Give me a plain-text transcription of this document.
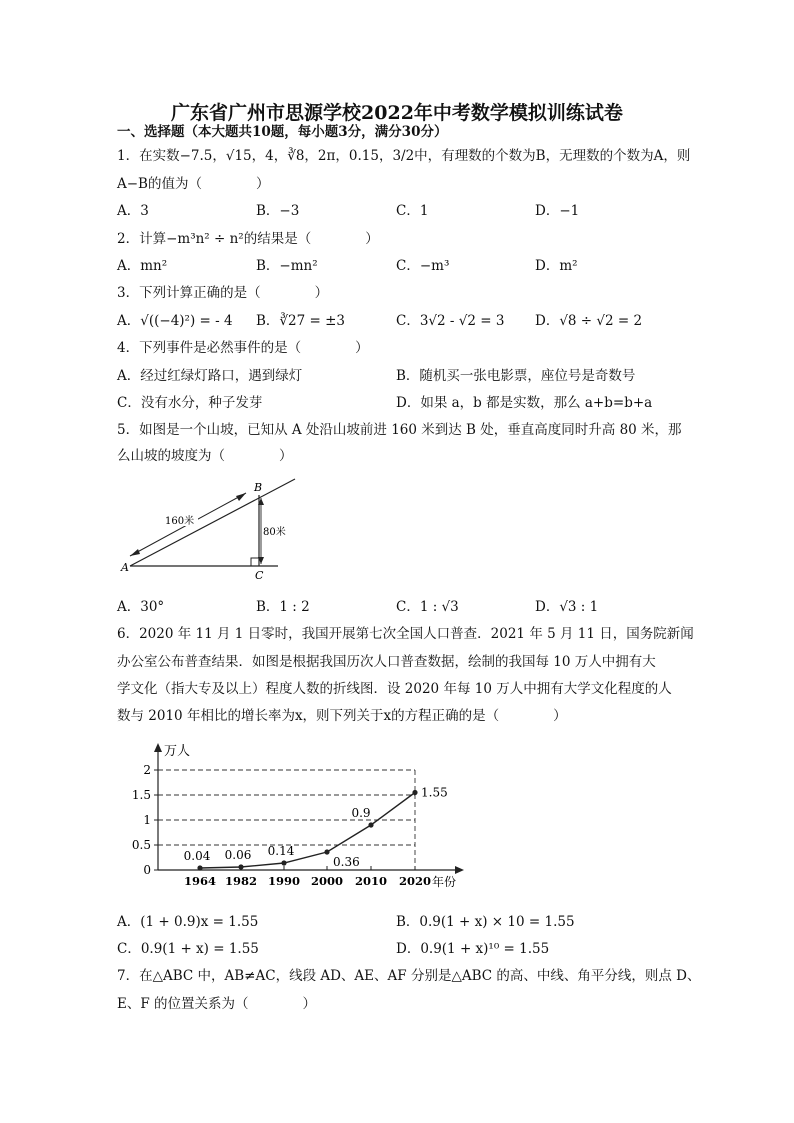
广东省广州市思源学校2022年中考数学模拟训练试卷
一、选择题（本大题共10题，每小题3分，满分30分）
1．在实数−7.5，√15，4，∛8，2π，0.15，3/2中，有理数的个数为B，无理数的个数为A，则
A−B的值为（　　　　）
A．3	B．−3	C．1	D．−1
2．计算−m³n² ÷ n²的结果是（　　　　）
A．mn²	B．−mn²	C．−m³	D．m²
3．下列计算正确的是（　　　　）
A．√((−4)²) = - 4 B．∛27 = ±3	C．3√2 - √2 = 3 D．√8 ÷ √2 = 2
4．下列事件是必然事件的是（　　　　）
A．经过红绿灯路口，遇到绿灯	B．随机买一张电影票，座位号是奇数号
C．没有水分，种子发芽	D．如果 a，b 都是实数，那么 a+b=b+a
5．如图是一个山坡，已知从 A 处沿山坡前进 160 米到达 B 处，垂直高度同时升高 80 米，那
么山坡的坡度为（　　　　）
160米
80米
A
B
C
A．30°	B．1 : 2	C．1 : √3	D．√3 : 1
6．2020 年 11 月 1 日零时，我国开展第七次全国人口普查．2021 年 5 月 11 日，国务院新闻
办公室公布普查结果．如图是根据我国历次人口普查数据，绘制的我国每 10 万人中拥有大
学文化（指大专及以上）程度人数的折线图．设 2020 年每 10 万人中拥有大学文化程度的人
数与 2010 年相比的增长率为x，则下列关于x的方程正确的是（　　　　）
0
0.5
1
1.5
2
1964 1982 1990 2000 2010 2020
0.04 0.06 0.14
0.36
0.9
1.55
万人
年份
A．(1 + 0.9)x = 1.55	B．0.9(1 + x) × 10 = 1.55
C．0.9(1 + x) = 1.55	D．0.9(1 + x)¹⁰ = 1.55
7．在△ABC 中，AB≠AC，线段 AD、AE、AF 分别是△ABC 的高、中线、角平分线，则点 D、
E、F 的位置关系为（　　　　）
